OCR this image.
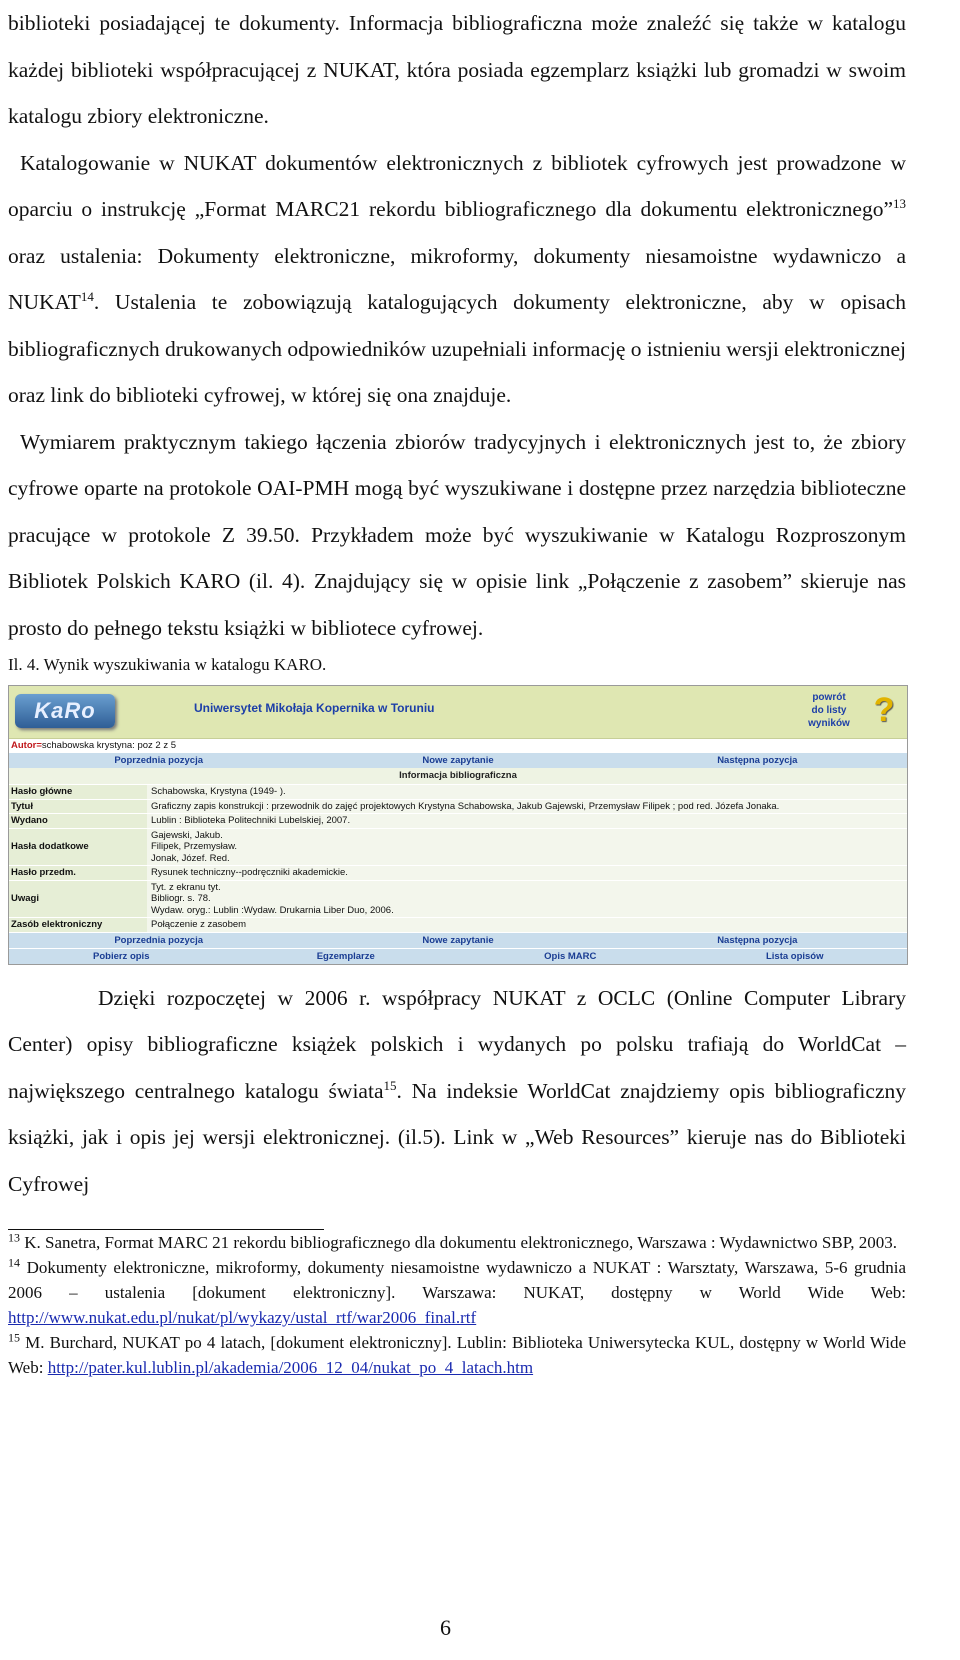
biblioteki posiadającej te dokumenty. Informacja bibliograficzna może znaleźć się także w katalogu każdej biblioteki współpracującej z NUKAT, która posiada egzemplarz książki lub gromadzi w swoim katalogu zbiory elektroniczne.

Katalogowanie w NUKAT dokumentów elektronicznych z bibliotek cyfrowych jest prowadzone w oparciu o instrukcję „Format MARC21 rekordu bibliograficznego dla dokumentu elektronicznego”$^{13}$ oraz ustalenia: Dokumenty elektroniczne, mikroformy, dokumenty niesamoistne wydawniczo a NUKAT$^{14}$. Ustalenia te zobowiązują katalogujących dokumenty elektroniczne, aby w opisach bibliograficznych drukowanych odpowiedników uzupełniali informację o istnieniu wersji elektronicznej oraz link do biblioteki cyfrowej, w której się ona znajduje.

Wymiarem praktycznym takiego łączenia zbiorów tradycyjnych i elektronicznych jest to, że zbiory cyfrowe oparte na protokole OAI-PMH mogą być wyszukiwane i dostępne przez narzędzia biblioteczne pracujące w protokole Z 39.50. Przykładem może być wyszukiwanie w Katalogu Rozproszonym Bibliotek Polskich KARO (il. 4). Znajdujący się w opisie link „Połączenie z zasobem” skieruje nas prosto do pełnego tekstu książki w bibliotece cyfrowej.

Il. 4. Wynik wyszukiwania w katalogu KARO.
KaRo	Uniwersytet Mikołaja Kopernika w Toruniu
powrót
do listy
wyników ?
Autor=schabowska krystyna: poz 2 z 5
Poprzednia pozycja	Nowe zapytanie	Następna pozycja
Informacja bibliograficzna
Hasło główne	Schabowska, Krystyna (1949- ).
Tytuł	Graficzny zapis konstrukcji : przewodnik do zajęć projektowych Krystyna Schabowska, Jakub Gajewski, Przemysław Filipek ; pod red. Józefa Jonaka.
Wydano	Lublin : Biblioteka Politechniki Lubelskiej, 2007.
Hasła dodatkowe
Gajewski, Jakub.
Filipek, Przemysław.
Jonak, Józef. Red.
Hasło przedm.	Rysunek techniczny--podręczniki akademickie.
Uwagi
Tyt. z ekranu tyt.
Bibliogr. s. 78.
Wydaw. oryg.: Lublin :Wydaw. Drukarnia Liber Duo, 2006.
Zasób elektroniczny	Połączenie z zasobem
Poprzednia pozycja	Nowe zapytanie	Następna pozycja
Pobierz opis	Egzemplarze	Opis MARC	Lista opisów

Dzięki rozpoczętej w 2006 r. współpracy NUKAT z OCLC (Online Computer Library Center) opisy bibliograficzne książek polskich i wydanych po polsku trafiają do WorldCat – największego centralnego katalogu świata$^{15}$. Na indeksie WorldCat znajdziemy opis bibliograficzny książki, jak i opis jej wersji elektronicznej. (il.5). Link w „Web Resources” kieruje nas do Biblioteki Cyfrowej

$^{13}$ K. Sanetra, Format MARC 21 rekordu bibliograficznego dla dokumentu elektronicznego, Warszawa : Wydawnictwo SBP, 2003.

$^{14}$ Dokumenty elektroniczne, mikroformy, dokumenty niesamoistne wydawniczo a NUKAT : Warsztaty, Warszawa, 5-6 grudnia 2006 – ustalenia [dokument elektroniczny]. Warszawa: NUKAT, dostępny w World Wide Web: http://www.nukat.edu.pl/nukat/pl/wykazy/ustal_rtf/war2006_final.rtf

$^{15}$ M. Burchard, NUKAT po 4 latach, [dokument elektroniczny]. Lublin: Biblioteka Uniwersytecka KUL, dostępny w World Wide Web: http://pater.kul.lublin.pl/akademia/2006_12_04/nukat_po_4_latach.htm

6
